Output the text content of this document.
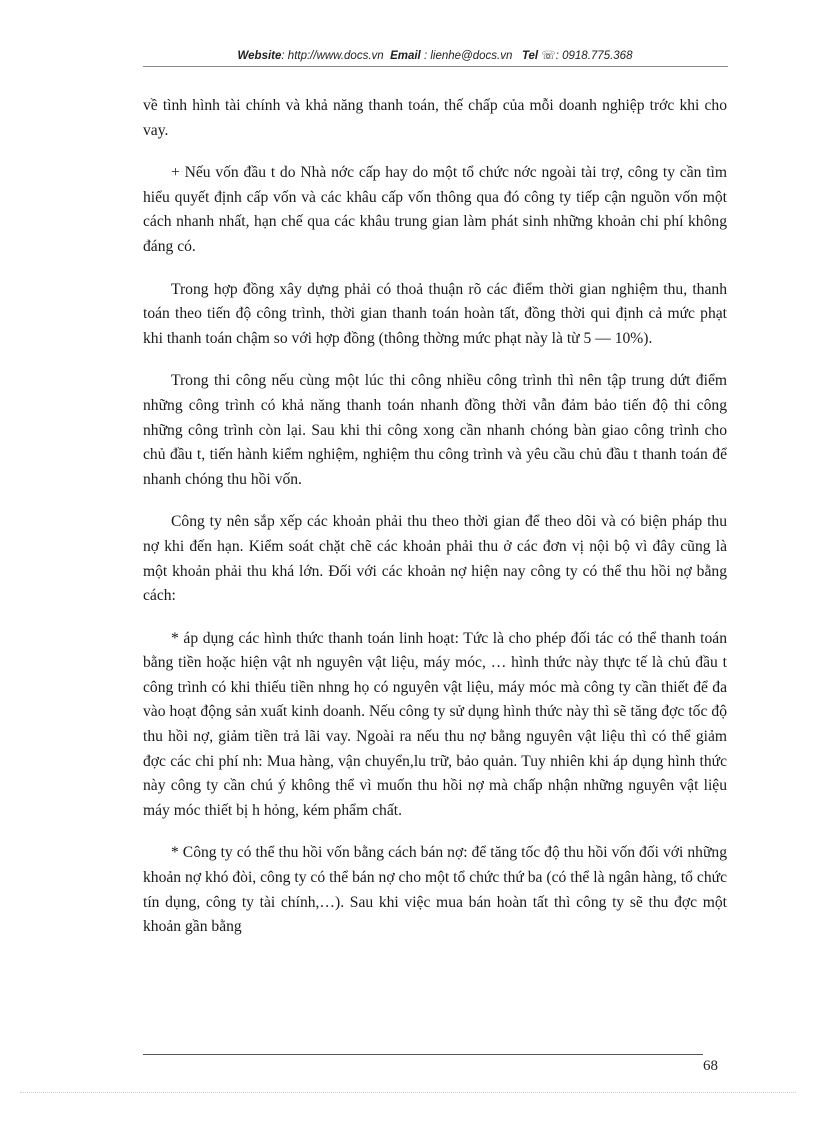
Website: http://www.docs.vn Email : lienhe@docs.vn Tel ☏: 0918.775.368

về tình hình tài chính và khả năng thanh toán, thế chấp của mỗi doanh nghiệp trớc khi cho vay.

+ Nếu vốn đầu t do Nhà nớc cấp hay do một tổ chức nớc ngoài tài trợ, công ty cần tìm hiểu quyết định cấp vốn và các khâu cấp vốn thông qua đó công ty tiếp cận nguồn vốn một cách nhanh nhất, hạn chế qua các khâu trung gian làm phát sinh những khoản chi phí không đáng có.

Trong hợp đồng xây dựng phải có thoả thuận rõ các điểm thời gian nghiệm thu, thanh toán theo tiến độ công trình, thời gian thanh toán hoàn tất, đồng thời qui định cả mức phạt khi thanh toán chậm so với hợp đồng (thông thờng mức phạt này là từ 5 — 10%).

Trong thi công nếu cùng một lúc thi công nhiều công trình thì nên tập trung dứt điểm những công trình có khả năng thanh toán nhanh đồng thời vẫn đảm bảo tiến độ thi công những công trình còn lại. Sau khi thi công xong cần nhanh chóng bàn giao công trình cho chủ đầu t, tiến hành kiểm nghiệm, nghiệm thu công trình và yêu cầu chủ đầu t thanh toán để nhanh chóng thu hồi vốn.

Công ty nên sắp xếp các khoản phải thu theo thời gian để theo dõi và có biện pháp thu nợ khi đến hạn. Kiểm soát chặt chẽ các khoản phải thu ở các đơn vị nội bộ vì đây cũng là một khoản phải thu khá lớn. Đối với các khoản nợ hiện nay công ty có thể thu hồi nợ bằng cách:

* áp dụng các hình thức thanh toán linh hoạt: Tức là cho phép đối tác có thể thanh toán bằng tiền hoặc hiện vật nh nguyên vật liệu, máy móc, … hình thức này thực tế là chủ đầu t công trình có khi thiếu tiền nhng họ có nguyên vật liệu, máy móc mà công ty cần thiết để đa vào hoạt động sản xuất kinh doanh. Nếu công ty sử dụng hình thức này thì sẽ tăng đợc tốc độ thu hồi nợ, giảm tiền trả lãi vay. Ngoài ra nếu thu nợ bằng nguyên vật liệu thì có thể giảm đợc các chi phí nh: Mua hàng, vận chuyển,lu trữ, bảo quản. Tuy nhiên khi áp dụng hình thức này công ty cần chú ý không thể vì muốn thu hồi nợ mà chấp nhận những nguyên vật liệu máy móc thiết bị h hỏng, kém phẩm chất.

* Công ty có thể thu hồi vốn bằng cách bán nợ: để tăng tốc độ thu hồi vốn đối với những khoản nợ khó đòi, công ty có thể bán nợ cho một tổ chức thứ ba (có thể là ngân hàng, tổ chức tín dụng, công ty tài chính,…). Sau khi việc mua bán hoàn tất thì công ty sẽ thu đợc một khoản gần bằng

68
